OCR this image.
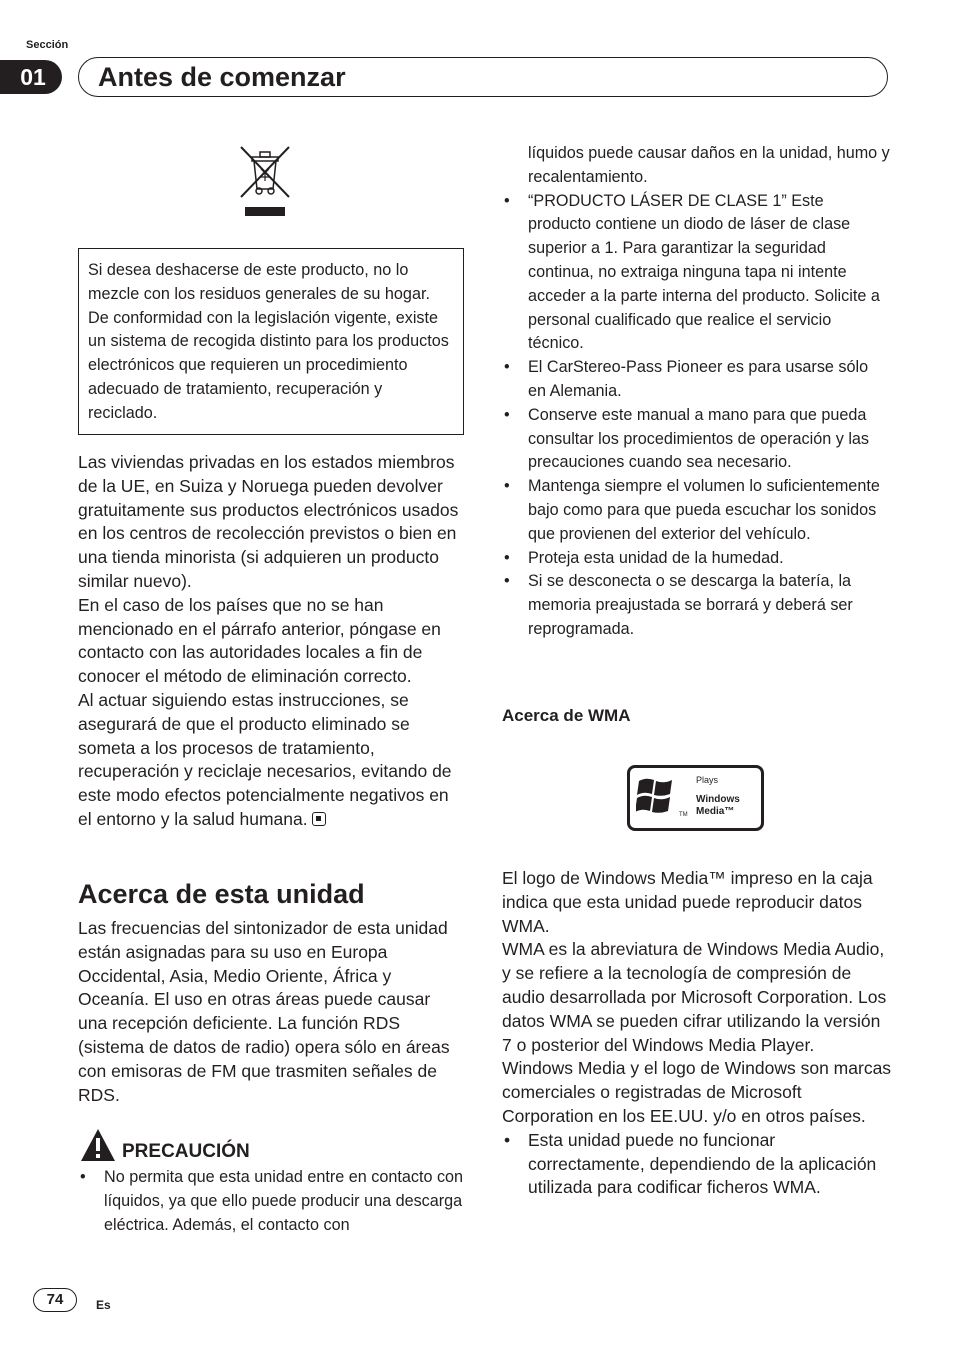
Sección
01	Antes de comenzar

Si desea deshacerse de este producto, no lo mezcle con los residuos generales de su hogar. De conformidad con la legislación vigente, existe un sistema de recogida distinto para los productos electrónicos que requieren un procedimiento adecuado de tratamiento, recuperación y reciclado.

Las viviendas privadas en los estados miembros de la UE, en Suiza y Noruega pueden devolver gratuitamente sus productos electrónicos usados en los centros de recolección previstos o bien en una tienda minorista (si adquieren un producto similar nuevo).

En el caso de los países que no se han mencionado en el párrafo anterior, póngase en contacto con las autoridades locales a fin de conocer el método de eliminación correcto.

Al actuar siguiendo estas instrucciones, se asegurará de que el producto eliminado se someta a los procesos de tratamiento, recuperación y reciclaje necesarios, evitando de este modo efectos potencialmente negativos en el entorno y la salud humana.

Acerca de esta unidad

Las frecuencias del sintonizador de esta unidad están asignadas para su uso en Europa Occidental, Asia, Medio Oriente, África y Oceanía. El uso en otras áreas puede causar una recepción deficiente. La función RDS (sistema de datos de radio) opera sólo en áreas con emisoras de FM que trasmiten señales de RDS.

PRECAUCIÓN
• No permita que esta unidad entre en contacto con líquidos, ya que ello puede producir una descarga eléctrica. Además, el contacto con
líquidos puede causar daños en la unidad, humo y recalentamiento.
• “PRODUCTO LÁSER DE CLASE 1” Este producto contiene un diodo de láser de clase superior a 1. Para garantizar la seguridad continua, no extraiga ninguna tapa ni intente acceder a la parte interna del producto. Solicite a personal cualificado que realice el servicio técnico.
• El CarStereo-Pass Pioneer es para usarse sólo en Alemania.
• Conserve este manual a mano para que pueda consultar los procedimientos de operación y las precauciones cuando sea necesario.
• Mantenga siempre el volumen lo suficientemente bajo como para que pueda escuchar los sonidos que provienen del exterior del vehículo.
• Proteja esta unidad de la humedad.
• Si se desconecta o se descarga la batería, la memoria preajustada se borrará y deberá ser reprogramada.
Acerca de WMA
Plays
Windows
Media™
TM

El logo de Windows Media™ impreso en la caja indica que esta unidad puede reproducir datos WMA.

WMA es la abreviatura de Windows Media Audio, y se refiere a la tecnología de compresión de audio desarrollada por Microsoft Corporation. Los datos WMA se pueden cifrar utilizando la versión 7 o posterior del Windows Media Player.

Windows Media y el logo de Windows son marcas comerciales o registradas de Microsoft Corporation en los EE.UU. y/o en otros países.

• Esta unidad puede no funcionar correctamente, dependiendo de la aplicación utilizada para codificar ficheros WMA.
74	Es
